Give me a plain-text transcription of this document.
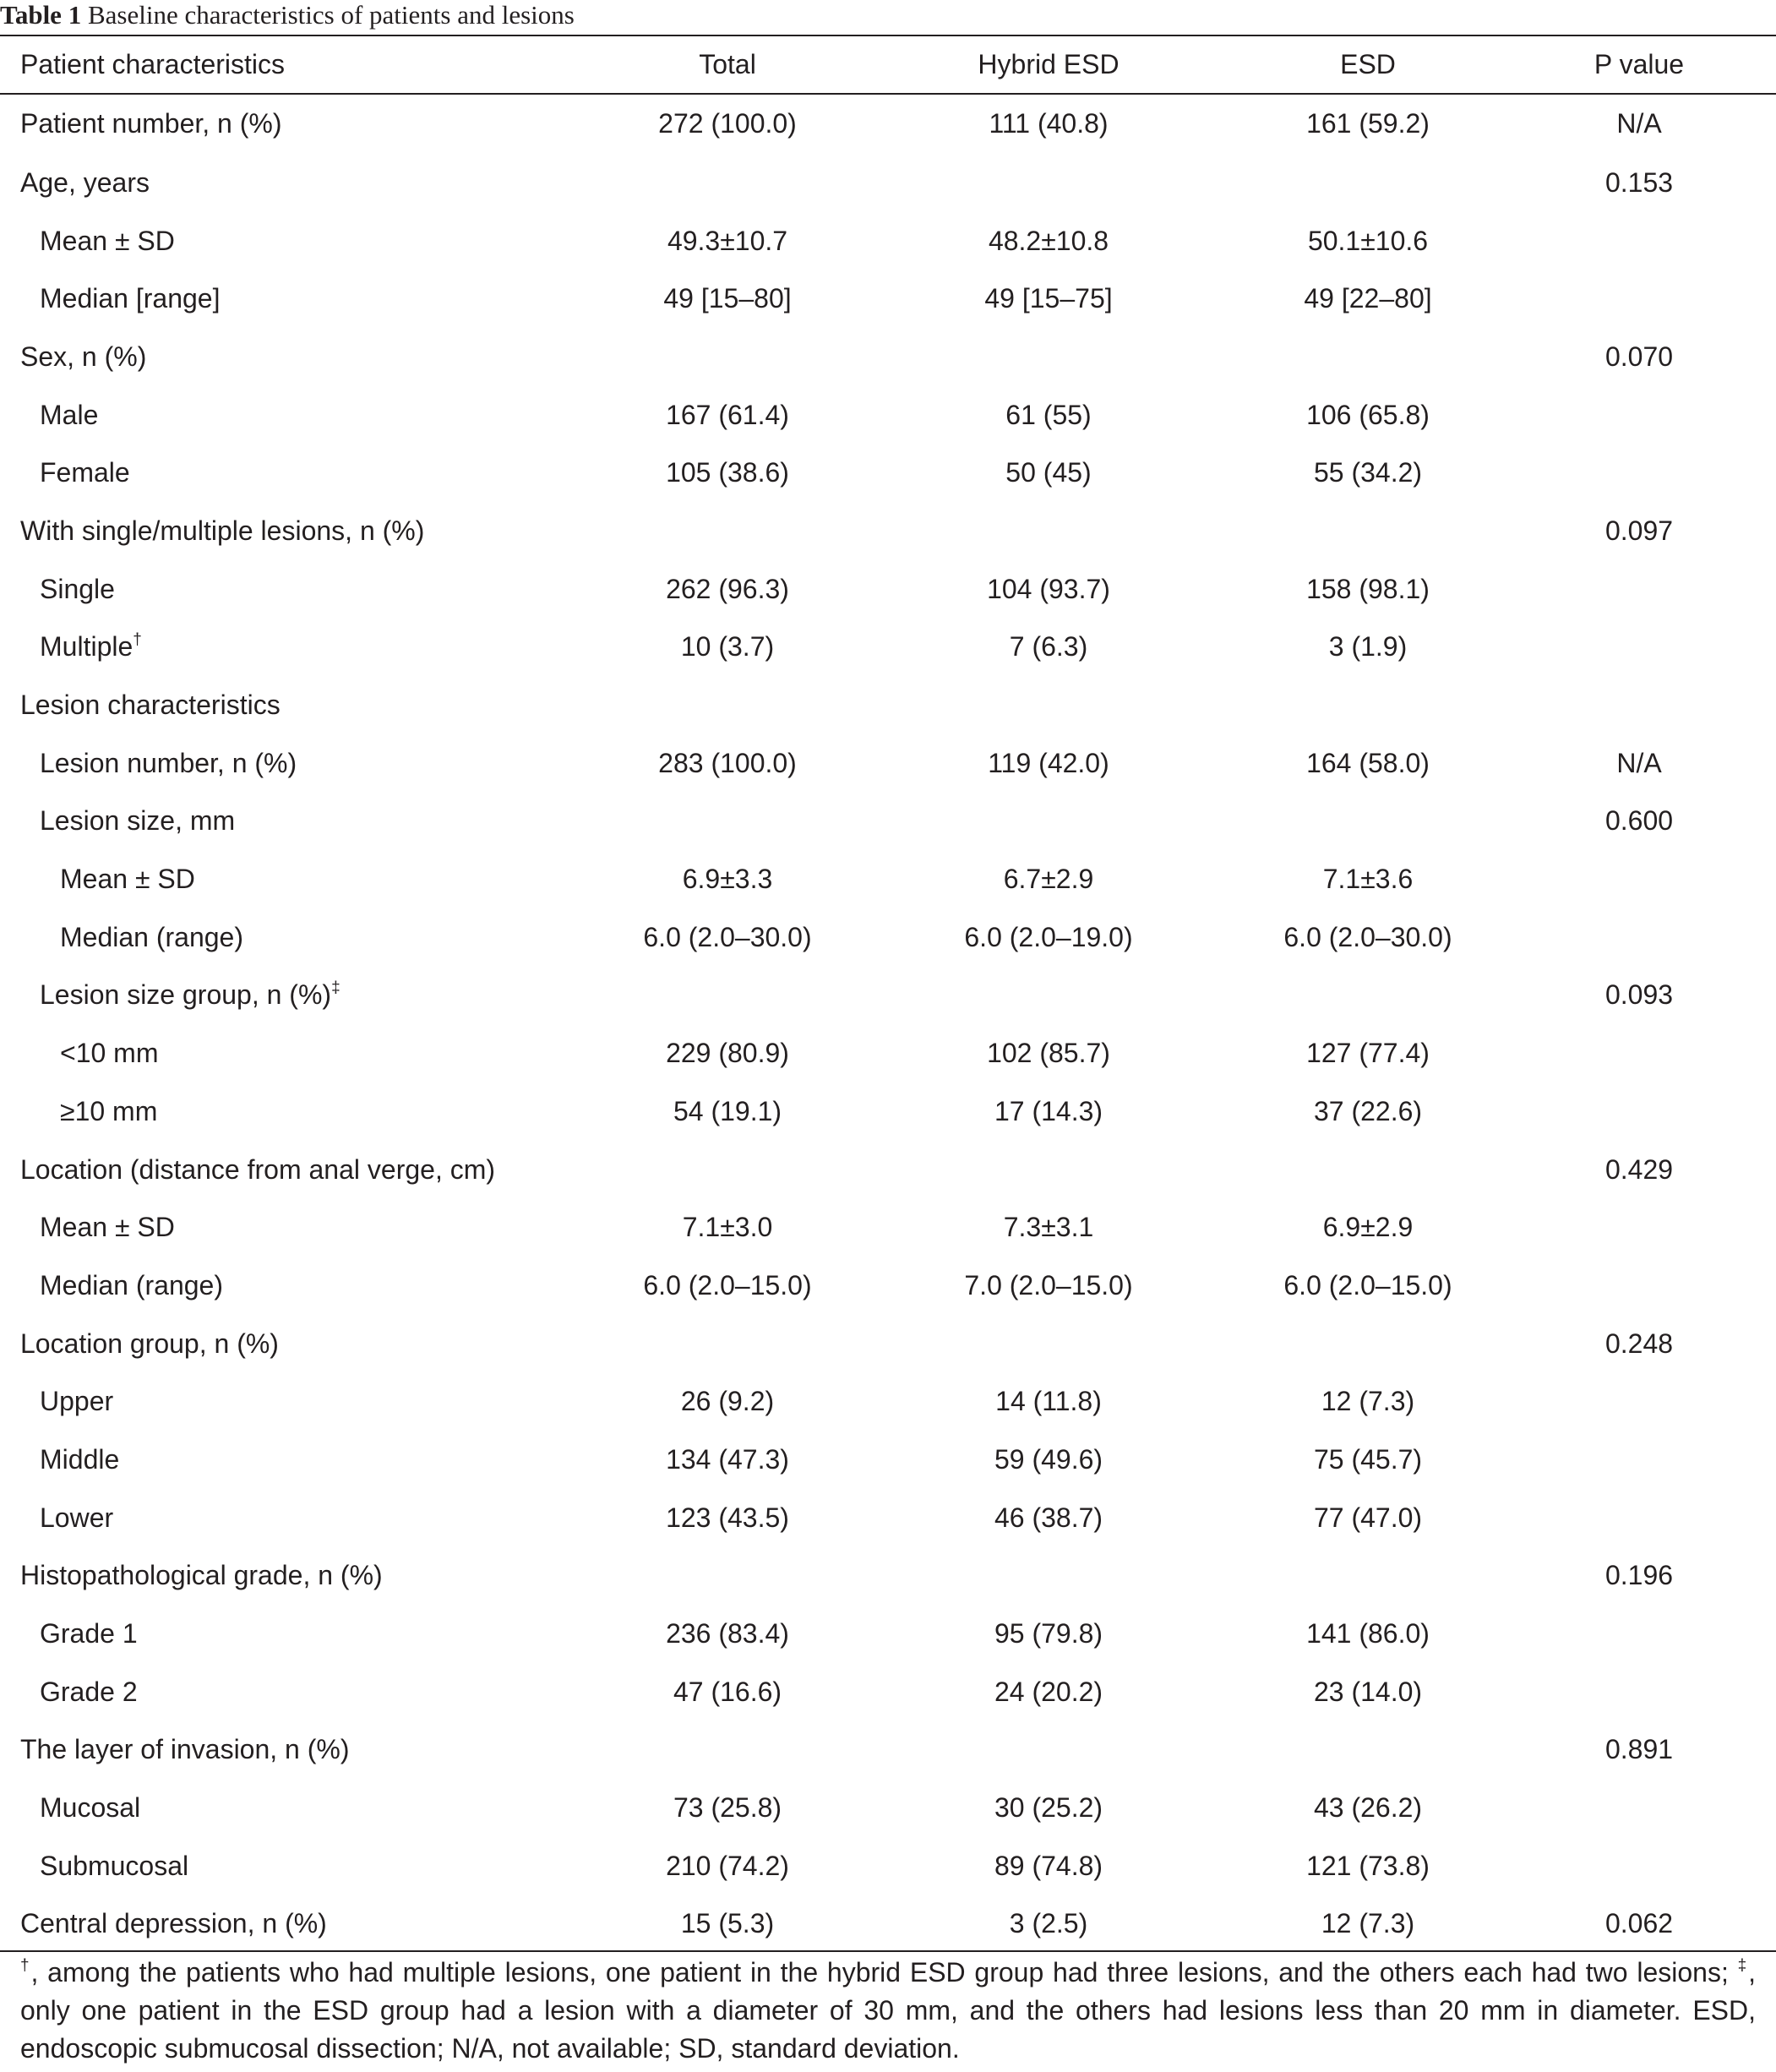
Table 1 Baseline characteristics of patients and lesions
Patient characteristics	Total	Hybrid ESD	ESD	P value
Patient number, n (%)	272 (100.0)	111 (40.8)	161 (59.2)	N/A
Age, years				0.153
Mean ± SD	49.3±10.7	48.2±10.8	50.1±10.6	
Median [range]	49 [15–80]	49 [15–75]	49 [22–80]	
Sex, n (%)				0.070
Male	167 (61.4)	61 (55)	106 (65.8)	
Female	105 (38.6)	50 (45)	55 (34.2)	
With single/multiple lesions, n (%)				0.097
Single	262 (96.3)	104 (93.7)	158 (98.1)	
Multiple†	10 (3.7)	7 (6.3)	3 (1.9)	
Lesion characteristics				
Lesion number, n (%)	283 (100.0)	119 (42.0)	164 (58.0)	N/A
Lesion size, mm				0.600
Mean ± SD	6.9±3.3	6.7±2.9	7.1±3.6	
Median (range)	6.0 (2.0–30.0)	6.0 (2.0–19.0)	6.0 (2.0–30.0)	
Lesion size group, n (%)‡				0.093
<10 mm	229 (80.9)	102 (85.7)	127 (77.4)	
≥10 mm	54 (19.1)	17 (14.3)	37 (22.6)	
Location (distance from anal verge, cm)				0.429
Mean ± SD	7.1±3.0	7.3±3.1	6.9±2.9	
Median (range)	6.0 (2.0–15.0)	7.0 (2.0–15.0)	6.0 (2.0–15.0)	
Location group, n (%)				0.248
Upper	26 (9.2)	14 (11.8)	12 (7.3)	
Middle	134 (47.3)	59 (49.6)	75 (45.7)	
Lower	123 (43.5)	46 (38.7)	77 (47.0)	
Histopathological grade, n (%)				0.196
Grade 1	236 (83.4)	95 (79.8)	141 (86.0)	
Grade 2	47 (16.6)	24 (20.2)	23 (14.0)	
The layer of invasion, n (%)				0.891
Mucosal	73 (25.8)	30 (25.2)	43 (26.2)	
Submucosal	210 (74.2)	89 (74.8)	121 (73.8)	
Central depression, n (%)	15 (5.3)	3 (2.5)	12 (7.3)	0.062
†, among the patients who had multiple lesions, one patient in the hybrid ESD group had three lesions, and the others each had two lesions; ‡, only one patient in the ESD group had a lesion with a diameter of 30 mm, and the others had lesions less than 20 mm in diameter. ESD, endoscopic submucosal dissection; N/A, not available; SD, standard deviation.
